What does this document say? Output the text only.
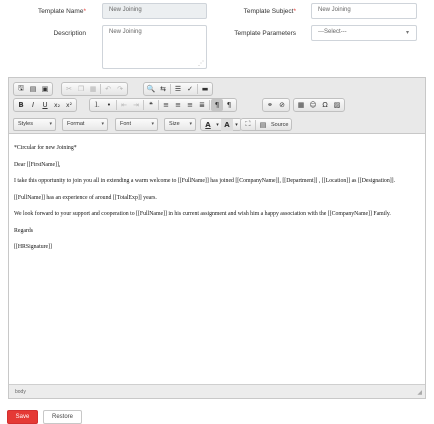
Template Name*	New Joining	Template Subject*	New Joining
Description	New Joining
⋰
Template Parameters	---Select---	▾
🖫 ▤ ▣	✂ ❐ ▦	↶ ↷	🔍 ⇆	☰ ✓	▬
B	I	U	x₂	x²	⒈ •	⇤ ⇥	❝	≡ ≡ ≡ ≣	¶	¶	⚭ ⊘	▦ ☺ Ω ▨
Styles	▾	Format	▾	Font	▾	Size ▾	A	▾ A	▾	⛶	▤ Source

*Circular for new Joining*

Dear [[FirstName]],

I take this opportunity to join you all in extending a warm welcome to [[FullName]] has joined [[CompanyName]], [[Department]] , [[Location]] as [[Designation]].

[[FullName]] has an experience of around [[TotalExp]] years.

We look forward to your support and cooperation to [[FullName]] in his current assignment and wish him a happy association with the [[CompanyName]] Family.

Regards

[[HRSignature]]

body	◢
Save	Restore
